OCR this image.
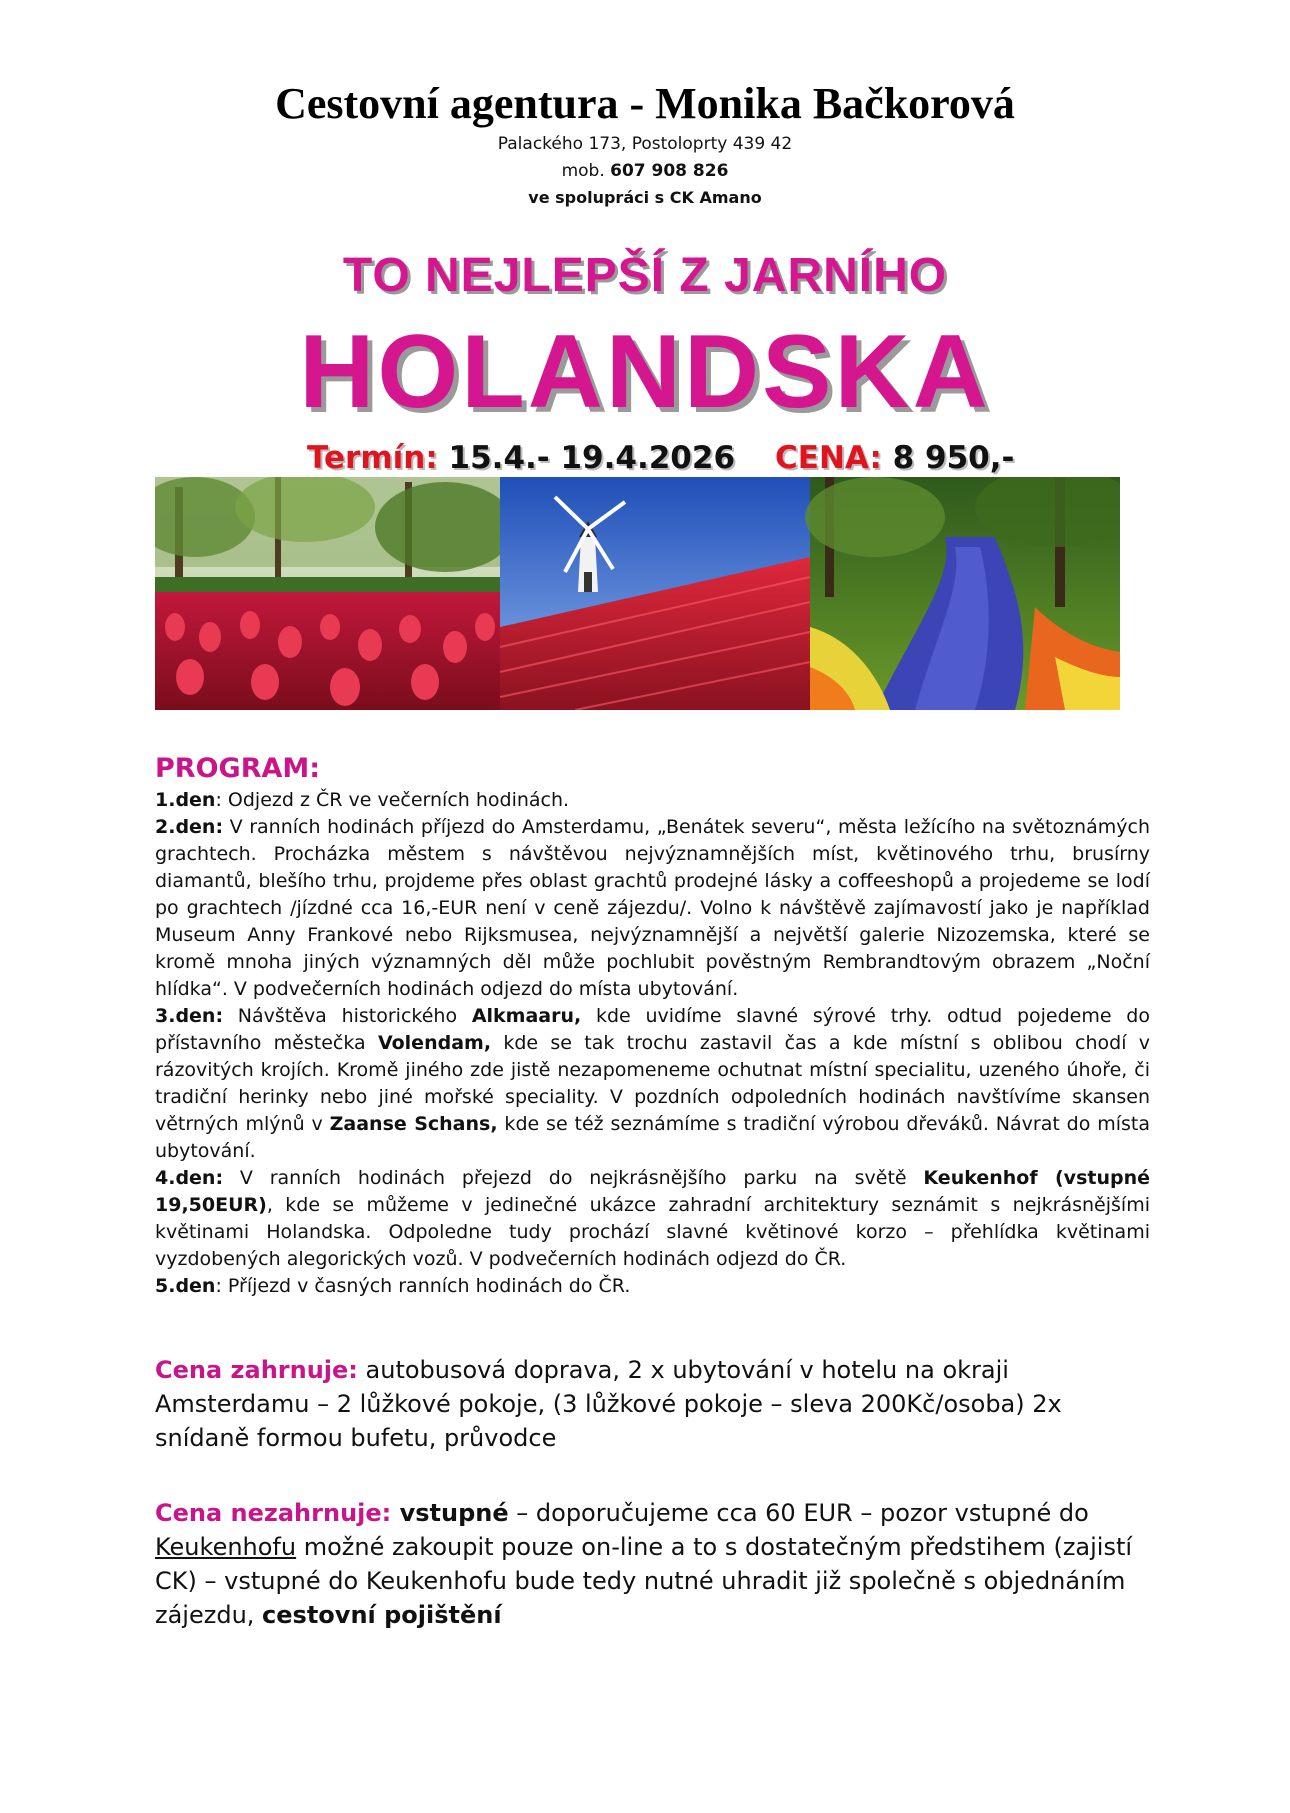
Cestovní agentura - Monika Bačkorová
Palackého 173, Postoloprty 439 42
mob. 607 908 826
ve spolupráci s CK Amano
TO NEJLEPŠÍ Z JARNÍHO
HOLANDSKA
Termín: 15.4.- 19.4.2026 CENA: 8 950,-
PROGRAM:

1.den: Odjezd z ČR ve večerních hodinách.

2.den: V ranních hodinách příjezd do Amsterdamu, „Benátek severu“, města ležícího na světoznámých grachtech. Procházka městem s návštěvou nejvýznamnějších míst, květinového trhu, brusírny diamantů, blešího trhu, projdeme přes oblast grachtů prodejné lásky a coffeeshopů a projedeme se lodí po grachtech /jízdné cca 16,-EUR není v ceně zájezdu/. Volno k návštěvě zajímavostí jako je například Museum Anny Frankové nebo Rijksmusea, nejvýznamnější a největší galerie Nizozemska, které se kromě mnoha jiných významných děl může pochlubit pověstným Rembrandtovým obrazem „Noční hlídka“. V podvečerních hodinách odjezd do místa ubytování.

3.den: Návštěva historického Alkmaaru, kde uvidíme slavné sýrové trhy. odtud pojedeme do přístavního městečka Volendam, kde se tak trochu zastavil čas a kde místní s oblibou chodí v rázovitých krojích. Kromě jiného zde jistě nezapomeneme ochutnat místní specialitu, uzeného úhoře, či tradiční herinky nebo jiné mořské speciality. V pozdních odpoledních hodinách navštívíme skansen větrných mlýnů v Zaanse Schans, kde se též seznámíme s tradiční výrobou dřeváků. Návrat do místa ubytování.

4.den: V ranních hodinách přejezd do nejkrásnějšího parku na světě Keukenhof (vstupné 19,50EUR), kde se můžeme v jedinečné ukázce zahradní architektury seznámit s nejkrásnějšími květinami Holandska. Odpoledne tudy prochází slavné květinové korzo – přehlídka květinami vyzdobených alegorických vozů. V podvečerních hodinách odjezd do ČR.

5.den: Příjezd v časných ranních hodinách do ČR.

Cena zahrnuje: autobusová doprava, 2 x ubytování v hotelu na okraji Amsterdamu – 2 lůžkové pokoje, (3 lůžkové pokoje – sleva 200Kč/osoba) 2x snídaně formou bufetu, průvodce
Cena nezahrnuje: vstupné – doporučujeme cca 60 EUR – pozor vstupné do Keukenhofu možné zakoupit pouze on-line a to s dostatečným předstihem (zajistí CK) – vstupné do Keukenhofu bude tedy nutné uhradit již společně s objednáním zájezdu, cestovní pojištění
